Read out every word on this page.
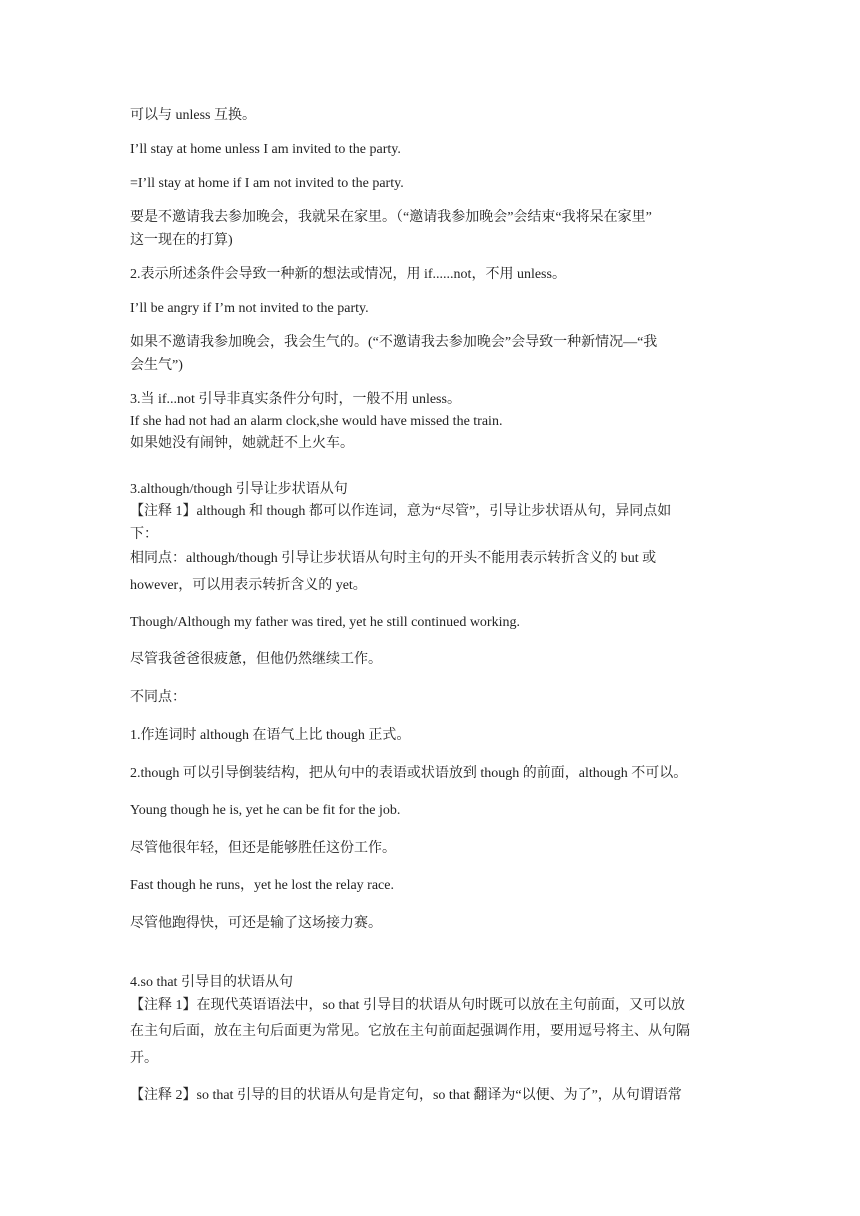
可以与 unless 互换。
I’ll stay at home unless I am invited to the party.
=I’ll stay at home if I am not invited to the party.
要是不邀请我去参加晚会，我就呆在家里。（“邀请我参加晚会”会结束“我将呆在家里”
这一现在的打算)
2.表示所述条件会导致一种新的想法或情况，用 if......not，不用 unless。
I’ll be angry if I’m not invited to the party.
如果不邀请我参加晚会，我会生气的。(“不邀请我去参加晚会”会导致一种新情况—“我
会生气”)
3.当 if...not 引导非真实条件分句时，一般不用 unless。
If she had not had an alarm clock,she would have missed the train.
如果她没有闹钟，她就赶不上火车。
3.although/though 引导让步状语从句
【注释 1】although 和 though 都可以作连词，意为“尽管”，引导让步状语从句，异同点如
下：
相同点：although/though 引导让步状语从句时主句的开头不能用表示转折含义的 but 或
however，可以用表示转折含义的 yet。
Though/Although my father was tired, yet he still continued working.
尽管我爸爸很疲惫，但他仍然继续工作。
不同点：
1.作连词时 although 在语气上比 though 正式。
2.though 可以引导倒装结构，把从句中的表语或状语放到 though 的前面，although 不可以。
Young though he is, yet he can be fit for the job.
尽管他很年轻，但还是能够胜任这份工作。
Fast though he runs，yet he lost the relay race.
尽管他跑得快，可还是输了这场接力赛。
4.so that 引导目的状语从句
【注释 1】在现代英语语法中，so that 引导目的状语从句时既可以放在主句前面，又可以放
在主句后面，放在主句后面更为常见。它放在主句前面起强调作用，要用逗号将主、从句隔
开。
【注释 2】so that 引导的目的状语从句是肯定句，so that 翻译为“以便、为了”，从句谓语常
